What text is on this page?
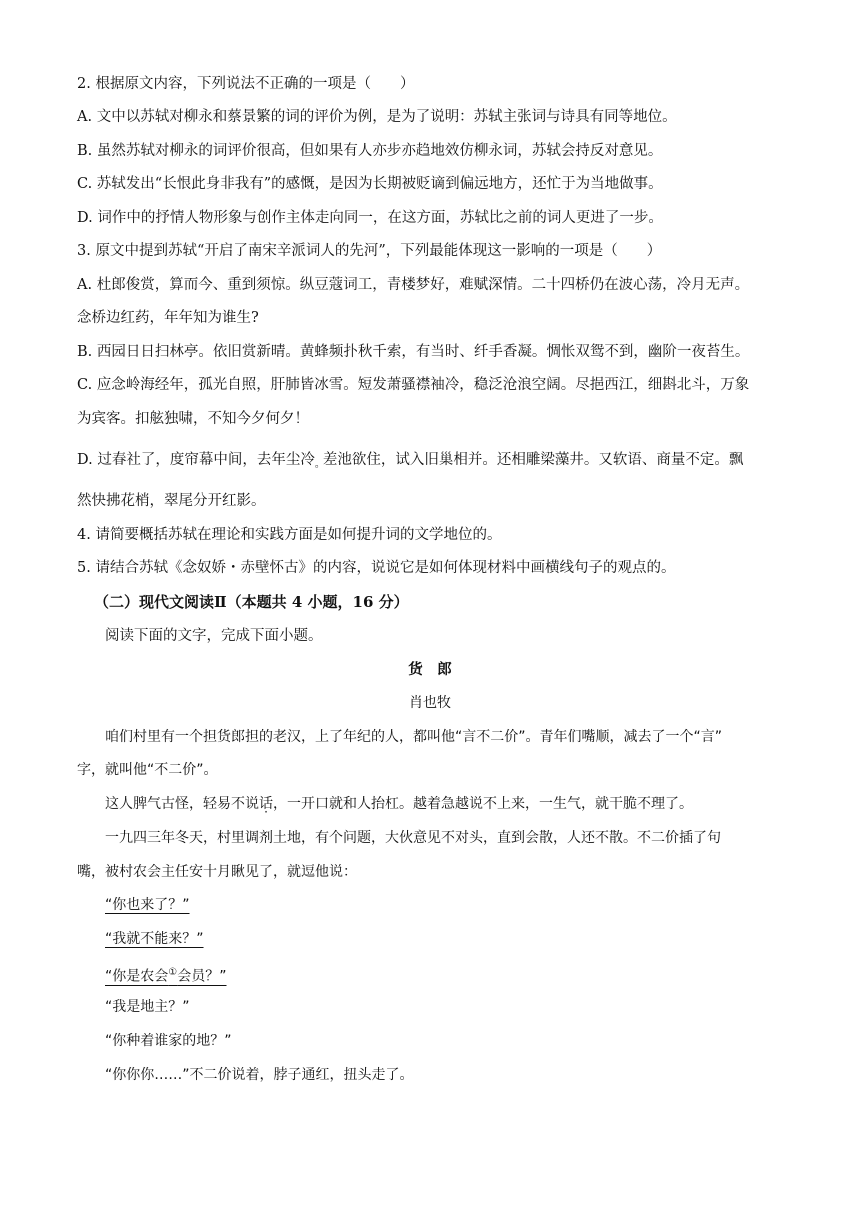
2. 根据原文内容，下列说法不正确的一项是（　　）
A. 文中以苏轼对柳永和蔡景繁的词的评价为例，是为了说明：苏轼主张词与诗具有同等地位。
B. 虽然苏轼对柳永的词评价很高，但如果有人亦步亦趋地效仿柳永词，苏轼会持反对意见。
C. 苏轼发出“长恨此身非我有”的感慨，是因为长期被贬谪到偏远地方，还忙于为当地做事。
D. 词作中的抒情人物形象与创作主体走向同一，在这方面，苏轼比之前的词人更进了一步。
3. 原文中提到苏轼“开启了南宋辛派词人的先河”，下列最能体现这一影响的一项是（　　）
A. 杜郎俊赏，算而今、重到须惊。纵豆蔻词工，青楼梦好，难赋深情。二十四桥仍在波心荡，冷月无声。
念桥边红药，年年知为谁生?
B. 西园日日扫林亭。依旧赏新晴。黄蜂频扑秋千索，有当时、纤手香凝。惆怅双鸳不到，幽阶一夜苔生。
C. 应念岭海经年，孤光自照，肝肺皆冰雪。短发萧骚襟袖冷，稳泛沧浪空阔。尽挹西江，细斟北斗，万象
为宾客。扣舷独啸，不知今夕何夕！
D. 过春社了，度帘幕中间，去年尘冷。差池欲住，试入旧巢相并。还相雕梁藻井。又软语、商量不定。飘
然快拂花梢，翠尾分开红影。
4. 请简要概括苏轼在理论和实践方面是如何提升词的文学地位的。
5. 请结合苏轼《念奴娇・赤壁怀古》的内容，说说它是如何体现材料中画横线句子的观点的。
（二）现代文阅读Ⅱ（本题共 4 小题，16 分）
阅读下面的文字，完成下面小题。
货　郎
肖也牧
咱们村里有一个担货郎担的老汉，上了年纪的人，都叫他“言不二价”。青年们嘴顺，减去了一个“言”
字，就叫他“不二价”。
这人脾气古怪，轻易不说话，一开口就和人抬杠。越着急越说不上来，一生气，就干脆不理了。
一九四三年冬天，村里调剂土地，有个问题，大伙意见不对头，直到会散，人还不散。不二价插了句
嘴，被村农会主任安十月瞅见了，就逗他说：
“你也来了？”
“我就不能来？”
“你是农会①会员？”
“我是地主？”
“你种着谁家的地？”
“你你你……”不二价说着，脖子通红，扭头走了。
